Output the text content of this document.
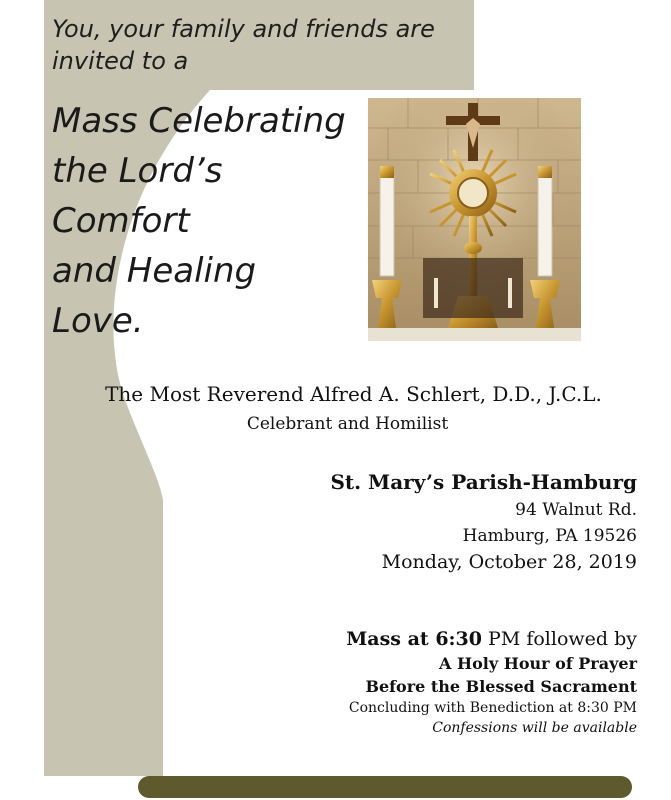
You, your family and friends are
invited to a
Mass Celebrating
the Lord’s
Comfort
and Healing
Love.
The Most Reverend Alfred A. Schlert, D.D., J.C.L.
Celebrant and Homilist
St. Mary’s Parish-Hamburg
94 Walnut Rd.
Hamburg, PA 19526
Monday, October 28, 2019
Mass at 6:30 PM followed by
A Holy Hour of Prayer
Before the Blessed Sacrament
Concluding with Benediction at 8:30 PM
Confessions will be available
